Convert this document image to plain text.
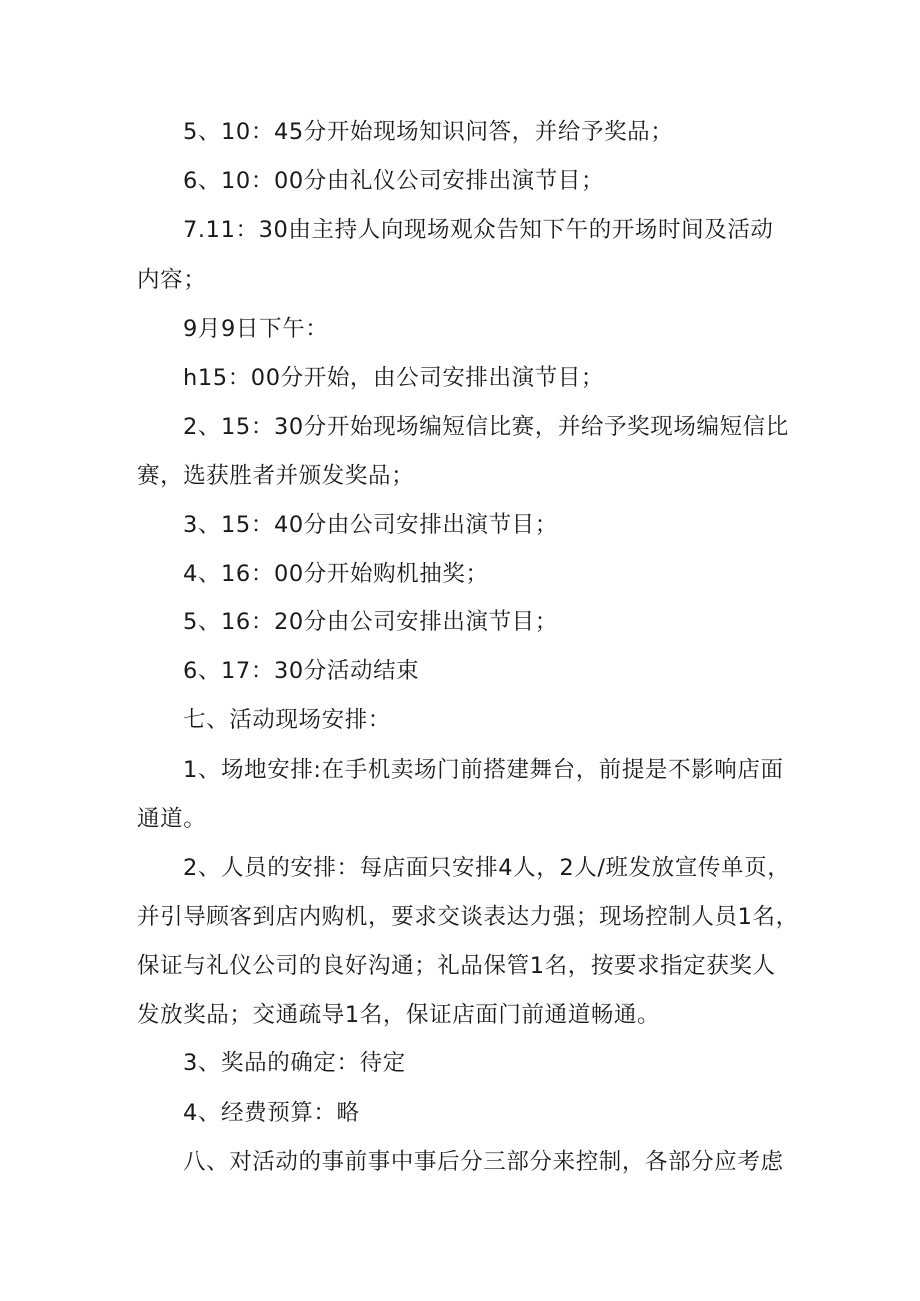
5、10：45分开始现场知识问答，并给予奖品；
6、10：00分由礼仪公司安排出演节目；
7.11：30由主持人向现场观众告知下午的开场时间及活动
内容；
9月9日下午：
h15：00分开始，由公司安排出演节目；
2、15：30分开始现场编短信比赛，并给予奖现场编短信比
赛，选获胜者并颁发奖品；
3、15：40分由公司安排出演节目；
4、16：00分开始购机抽奖；
5、16：20分由公司安排出演节目；
6、17：30分活动结束
七、活动现场安排：
1、场地安排:在手机卖场门前搭建舞台，前提是不影响店面
通道。
2、人员的安排：每店面只安排4人，2人/班发放宣传单页，
并引导顾客到店内购机，要求交谈表达力强；现场控制人员1名，
保证与礼仪公司的良好沟通；礼品保管1名，按要求指定获奖人
发放奖品；交通疏导1名，保证店面门前通道畅通。
3、奖品的确定：待定
4、经费预算：略
八、对活动的事前事中事后分三部分来控制，各部分应考虑
